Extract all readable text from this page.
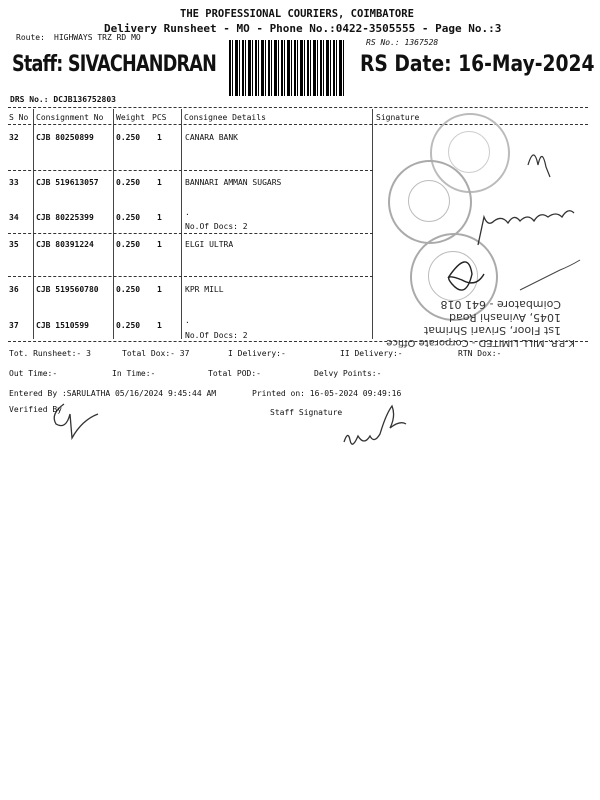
THE PROFESSIONAL COURIERS, COIMBATORE
Delivery Runsheet - MO - Phone No.:0422-3505555 - Page No.:3
Route: HIGHWAYS TRZ RD MO
RS No.: 1367528
Staff: SIVACHANDRAN	RS Date: 16-May-2024
DRS No.: DCJB136752803
S No Consignment No Weight PCS Consignee Details	Signature
32 CJB 80250899	0.250 1	CANARA BANK
33 CJB 519613057 0.250 1	BANNARI AMMAN SUGARS
34 CJB 80225399	0.250 1
.
No.Of Docs: 2
35 CJB 80391224	0.250 1	ELGI ULTRA
36 CJB 519560780 0.250 1	KPR MILL
37 CJB 1510599	0.250 1
.
No.Of Docs: 2
K.P.R. MILL LIMITED - Corporate Office
1st Floor, Srivari Shrimat
1045, Avinashi Road
Coimbatore - 641 018
Tot. Runsheet:- 3	Total Dox:- 37	I Delivery:-	II Delivery:-	RTN Dox:-
Out Time:-	In Time:-	Total POD:-	Delvy Points:-
Entered By :SARULATHA 05/16/2024 9:45:44 AM	Printed on: 16-05-2024 09:49:16
Verified By	Staff Signature
